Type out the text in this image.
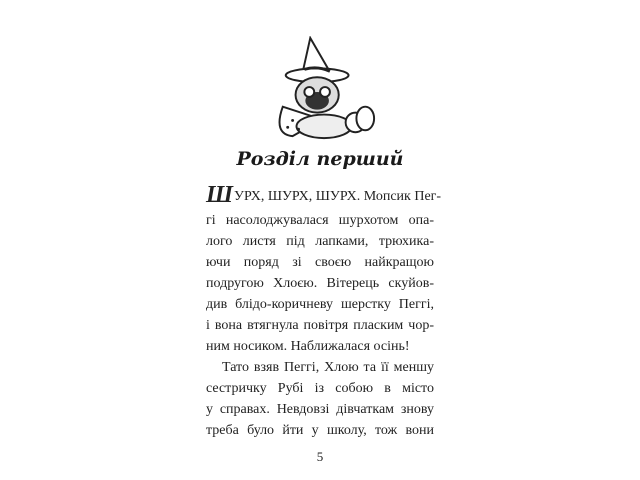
Розділ перший
Ш УРХ, ШУРХ, ШУРХ. Мопсик Пег-
гі насолоджувалася шурхотом опа-
лого листя під лапками, трюхика-
ючи поряд зі своєю найкращою
подругою Хлоєю. Вітерець скуйов-
див блідо-коричневу шерстку Пеггі,
і вона втягнула повітря пласким чор-
ним носиком. Наближалася осінь!
Тато взяв Пеггі, Хлою та її меншу
сестричку Рубі із собою в місто
у справах. Невдовзі дівчаткам знову
треба було йти у школу, тож вони
5
